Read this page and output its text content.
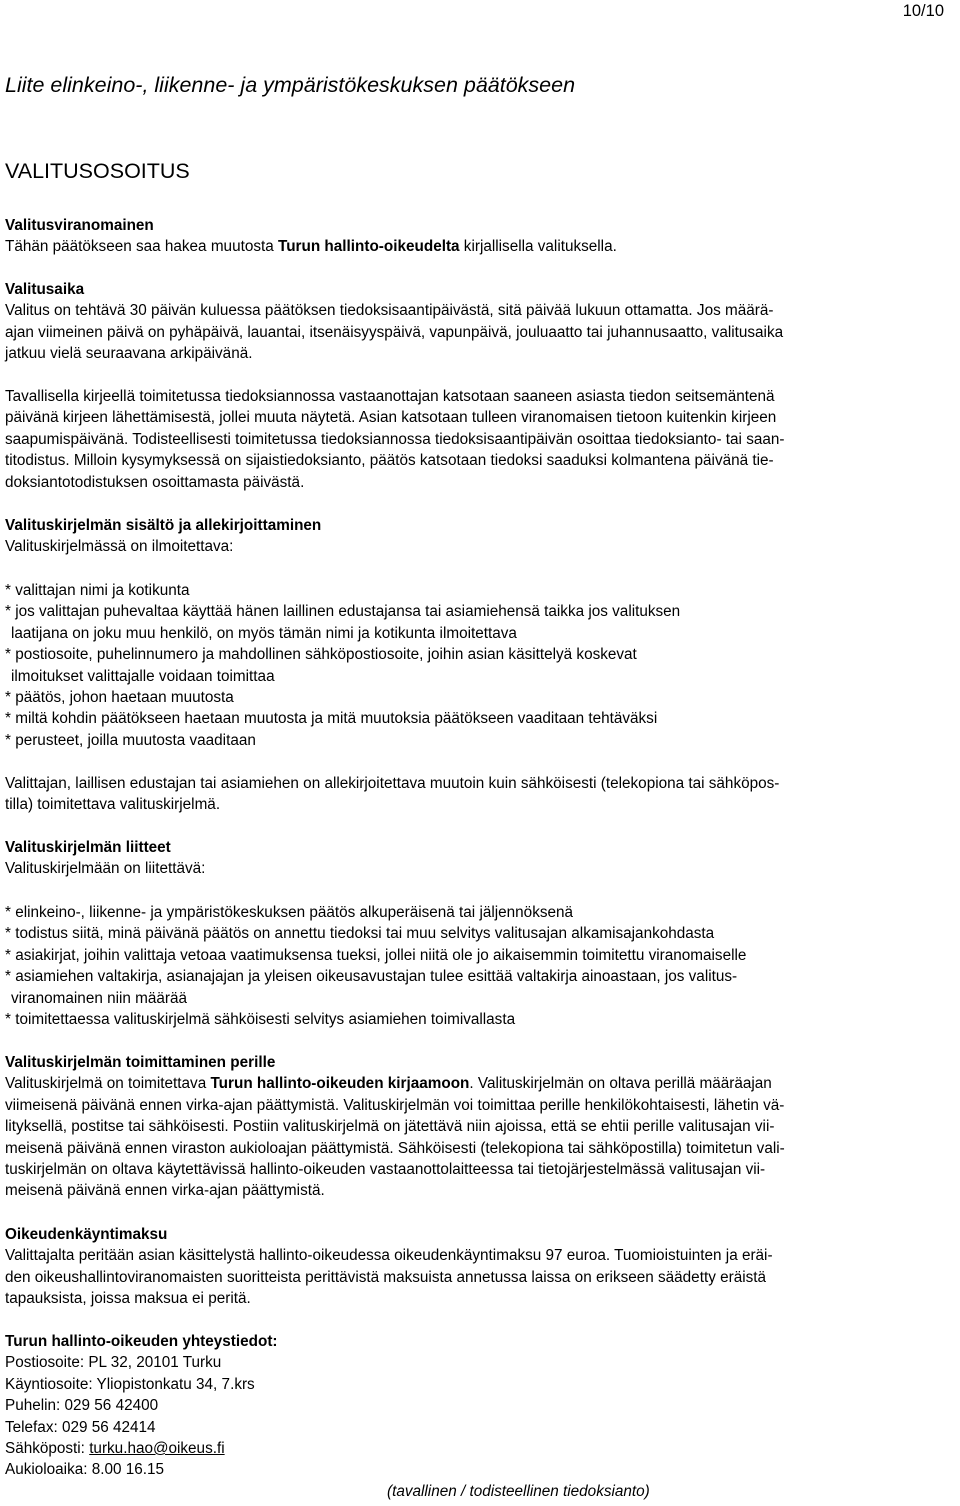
10/10
Liite elinkeino-, liikenne- ja ympäristökeskuksen päätökseen
VALITUSOSOITUS
Valitusviranomainen
Tähän päätökseen saa hakea muutosta Turun hallinto-oikeudelta kirjallisella valituksella.
Valitusaika
Valitus on tehtävä 30 päivän kuluessa päätöksen tiedoksisaantipäivästä, sitä päivää lukuun ottamatta. Jos määrä-
ajan viimeinen päivä on pyhäpäivä, lauantai, itsenäisyyspäivä, vapunpäivä, jouluaatto tai juhannusaatto, valitusaika
jatkuu vielä seuraavana arkipäivänä.
Tavallisella kirjeellä toimitetussa tiedoksiannossa vastaanottajan katsotaan saaneen asiasta tiedon seitsemäntenä
päivänä kirjeen lähettämisestä, jollei muuta näytetä. Asian katsotaan tulleen viranomaisen tietoon kuitenkin kirjeen
saapumispäivänä. Todisteellisesti toimitetussa tiedoksiannossa tiedoksisaantipäivän osoittaa tiedoksianto- tai saan-
titodistus. Milloin kysymyksessä on sijaistiedoksianto, päätös katsotaan tiedoksi saaduksi kolmantena päivänä tie-
doksiantotodistuksen osoittamasta päivästä.
Valituskirjelmän sisältö ja allekirjoittaminen
Valituskirjelmässä on ilmoitettava:
* valittajan nimi ja kotikunta
* jos valittajan puhevaltaa käyttää hänen laillinen edustajansa tai asiamiehensä taikka jos valituksen
laatijana on joku muu henkilö, on myös tämän nimi ja kotikunta ilmoitettava
* postiosoite, puhelinnumero ja mahdollinen sähköpostiosoite, joihin asian käsittelyä koskevat
ilmoitukset valittajalle voidaan toimittaa
* päätös, johon haetaan muutosta
* miltä kohdin päätökseen haetaan muutosta ja mitä muutoksia päätökseen vaaditaan tehtäväksi
* perusteet, joilla muutosta vaaditaan
Valittajan, laillisen edustajan tai asiamiehen on allekirjoitettava muutoin kuin sähköisesti (telekopiona tai sähköpos-
tilla) toimitettava valituskirjelmä.
Valituskirjelmän liitteet
Valituskirjelmään on liitettävä:
* elinkeino-, liikenne- ja ympäristökeskuksen päätös alkuperäisenä tai jäljennöksenä
* todistus siitä, minä päivänä päätös on annettu tiedoksi tai muu selvitys valitusajan alkamisajankohdasta
* asiakirjat, joihin valittaja vetoaa vaatimuksensa tueksi, jollei niitä ole jo aikaisemmin toimitettu viranomaiselle
* asiamiehen valtakirja, asianajajan ja yleisen oikeusavustajan tulee esittää valtakirja ainoastaan, jos valitus-
viranomainen niin määrää
* toimitettaessa valituskirjelmä sähköisesti selvitys asiamiehen toimivallasta
Valituskirjelmän toimittaminen perille
Valituskirjelmä on toimitettava Turun hallinto-oikeuden kirjaamoon. Valituskirjelmän on oltava perillä määräajan
viimeisenä päivänä ennen virka-ajan päättymistä. Valituskirjelmän voi toimittaa perille henkilökohtaisesti, lähetin vä-
lityksellä, postitse tai sähköisesti. Postiin valituskirjelmä on jätettävä niin ajoissa, että se ehtii perille valitusajan vii-
meisenä päivänä ennen viraston aukioloajan päättymistä. Sähköisesti (telekopiona tai sähköpostilla) toimitetun vali-
tuskirjelmän on oltava käytettävissä hallinto-oikeuden vastaanottolaitteessa tai tietojärjestelmässä valitusajan vii-
meisenä päivänä ennen virka-ajan päättymistä.
Oikeudenkäyntimaksu
Valittajalta peritään asian käsittelystä hallinto-oikeudessa oikeudenkäyntimaksu 97 euroa. Tuomioistuinten ja eräi-
den oikeushallintoviranomaisten suoritteista perittävistä maksuista annetussa laissa on erikseen säädetty eräistä
tapauksista, joissa maksua ei peritä.
Turun hallinto-oikeuden yhteystiedot:
Postiosoite: PL 32, 20101 Turku
Käyntiosoite: Yliopistonkatu 34, 7.krs
Puhelin: 029 56 42400
Telefax: 029 56 42414
Sähköposti: turku.hao@oikeus.fi
Aukioloaika: 8.00 16.15
(tavallinen / todisteellinen tiedoksianto)
